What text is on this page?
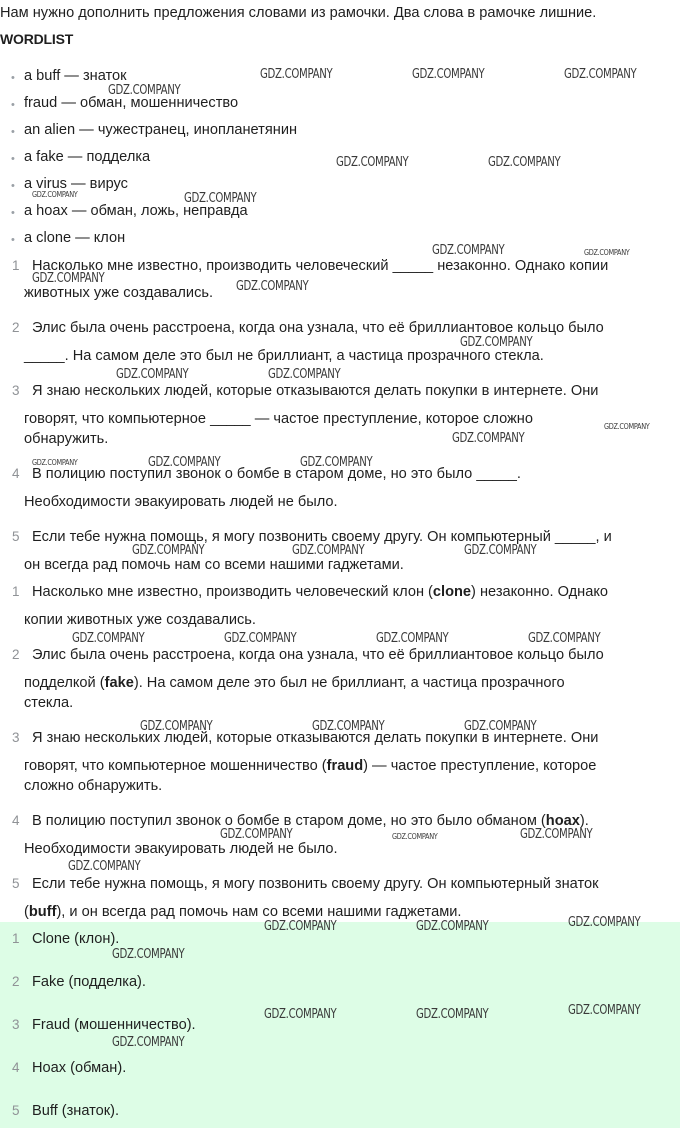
Нам нужно дополнить предложения словами из рамочки. Два слова в рамочке лишние.
WORDLIST
• a buff — знаток
• fraud — обман, мошенничество
• an alien — чужестранец, инопланетянин
• a fake — подделка
• a virus — вирус
• a hoax — обман, ложь, неправда
• a clone — клон
1 Насколько мне известно, производить человеческий _____ незаконно. Однако копии
животных уже создавались.
2 Элис была очень расстроена, когда она узнала, что её бриллиантовое кольцо было
_____. На самом деле это был не бриллиант, а частица прозрачного стекла.
3 Я знаю нескольких людей, которые отказываются делать покупки в интернете. Они
говорят, что компьютерное _____ — частое преступление, которое сложно
обнаружить.
4 В полицию поступил звонок о бомбе в старом доме, но это было _____.
Необходимости эвакуировать людей не было.
5 Если тебе нужна помощь, я могу позвонить своему другу. Он компьютерный _____, и
он всегда рад помочь нам со всеми нашими гаджетами.
1 Насколько мне известно, производить человеческий клон (clone) незаконно. Однако
копии животных уже создавались.
2 Элис была очень расстроена, когда она узнала, что её бриллиантовое кольцо было
подделкой (fake). На самом деле это был не бриллиант, а частица прозрачного
стекла.
3 Я знаю нескольких людей, которые отказываются делать покупки в интернете. Они
говорят, что компьютерное мошенничество (fraud) — частое преступление, которое
сложно обнаружить.
4 В полицию поступил звонок о бомбе в старом доме, но это было обманом (hoax).
Необходимости эвакуировать людей не было.
5 Если тебе нужна помощь, я могу позвонить своему другу. Он компьютерный знаток
(buff), и он всегда рад помочь нам со всеми нашими гаджетами.
1 Clone (клон).
2 Fake (подделка).
3 Fraud (мошенничество).
4 Hoax (обман).
5 Buff (знаток).
GDZ.COMPANY	GDZ.COMPANY	GDZ.COMPANY
GDZ.COMPANY
GDZ.COMPANY	GDZ.COMPANY
GDZ.COMPANY	GDZ.COMPANY
GDZ.COMPANY	GDZ.COMPANY
GDZ.COMPANY
GDZ.COMPANY
GDZ.COMPANY
GDZ.COMPANY	GDZ.COMPANY
GDZ.COMPANY
GDZ.COMPANY
GDZ.COMPANY	GDZ.COMPANY	GDZ.COMPANY
GDZ.COMPANY	GDZ.COMPANY	GDZ.COMPANY
GDZ.COMPANY	GDZ.COMPANY	GDZ.COMPANY	GDZ.COMPANY
GDZ.COMPANY	GDZ.COMPANY	GDZ.COMPANY
GDZ.COMPANY	GDZ.COMPANY	GDZ.COMPANY
GDZ.COMPANY
GDZ.COMPANY	GDZ.COMPANY	GDZ.COMPANY
GDZ.COMPANY
GDZ.COMPANY	GDZ.COMPANY	GDZ.COMPANY
GDZ.COMPANY
